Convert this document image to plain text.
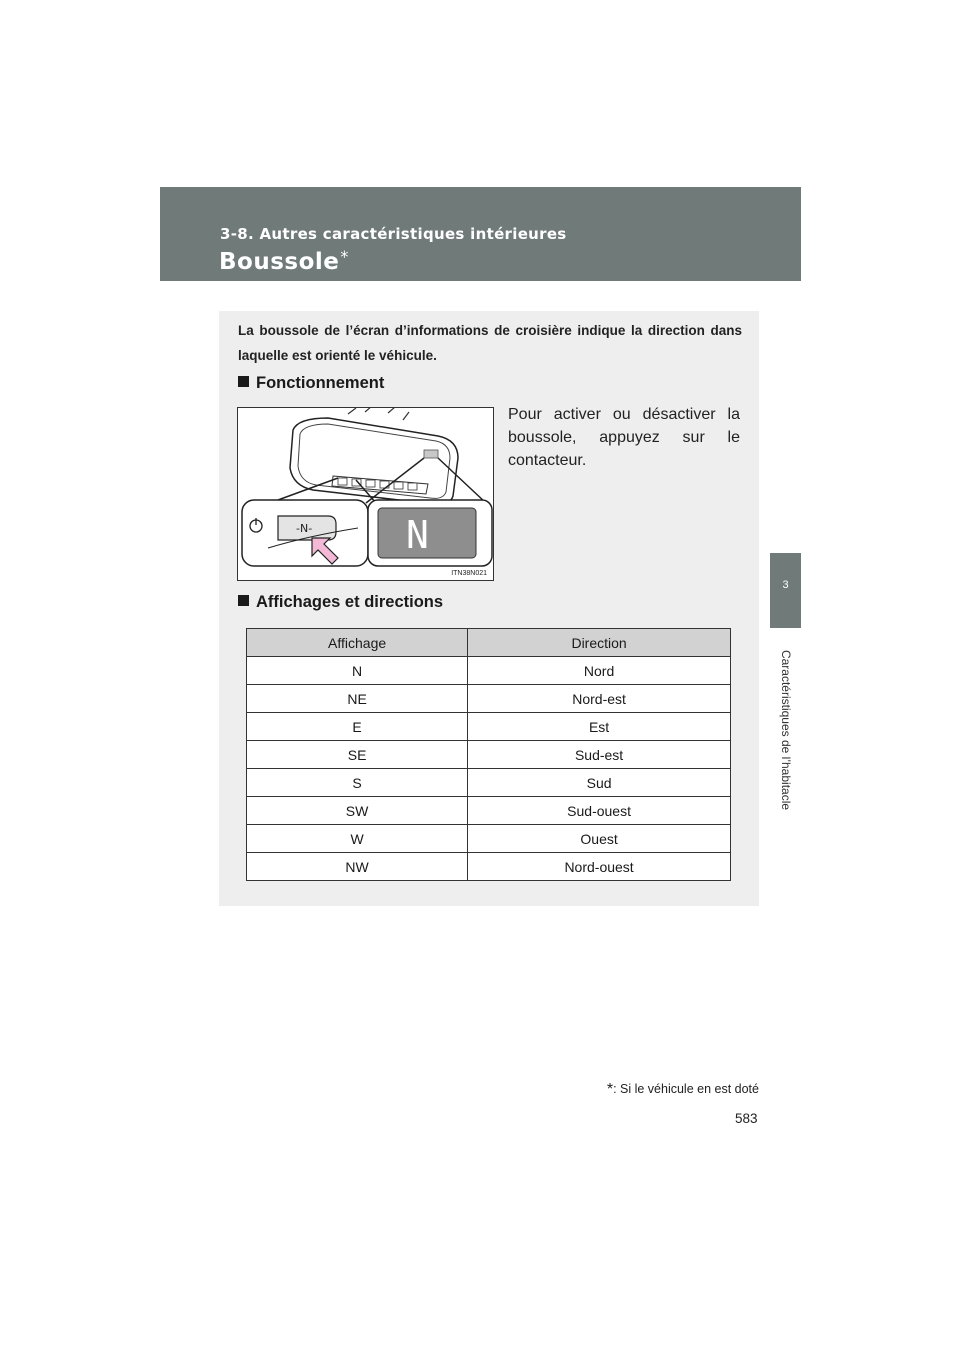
3-8. Autres caractéristiques intérieures
Boussole*
3
Caractéristiques de l’habitacle
La boussole de l’écran d’informations de croisière indique la direction dans laquelle est orienté le véhicule.
Fonctionnement
-N- N
ITN38N021
Pour activer ou désactiver la boussole, appuyez sur le contacteur.
Affichages et directions
Affichage	Direction
N	Nord
NE	Nord-est
E	Est
SE	Sud-est
S	Sud
SW	Sud-ouest
W	Ouest
NW	Nord-ouest
*: Si le véhicule en est doté
583
